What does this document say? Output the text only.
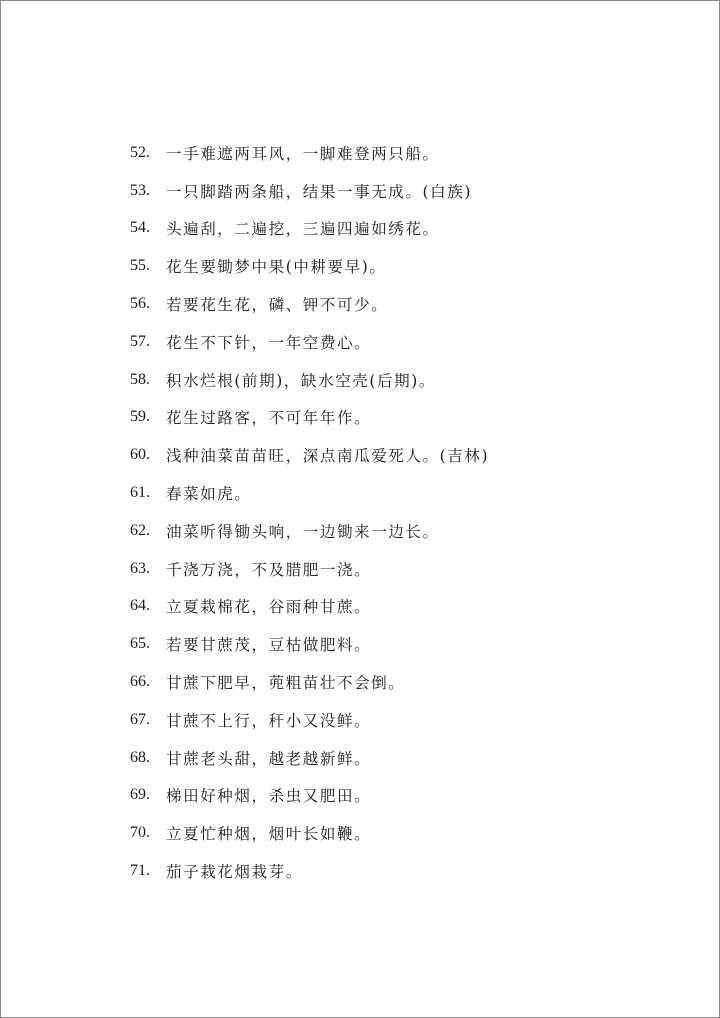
52.	一手难遮两耳风，一脚难登两只船。
53.	一只脚踏两条船，结果一事无成。(白族)
54.	头遍刮，二遍挖，三遍四遍如绣花。
55.	花生要锄梦中果(中耕要早)。
56.	若要花生花，磷、钾不可少。
57.	花生不下针，一年空费心。
58.	积水烂根(前期)，缺水空壳(后期)。
59.	花生过路客，不可年年作。
60.	浅种油菜苗苗旺，深点南瓜爱死人。(吉林)
61.	春菜如虎。
62.	油菜听得锄头响，一边锄来一边长。
63.	千浇万浇，不及腊肥一浇。
64.	立夏栽棉花，谷雨种甘蔗。
65.	若要甘蔗茂，豆枯做肥料。
66.	甘蔗下肥早，蔸粗苗壮不会倒。
67.	甘蔗不上行，秆小又没鲜。
68.	甘蔗老头甜，越老越新鲜。
69.	梯田好种烟，杀虫又肥田。
70.	立夏忙种烟，烟叶长如鞭。
71.	茄子栽花烟栽芽。
